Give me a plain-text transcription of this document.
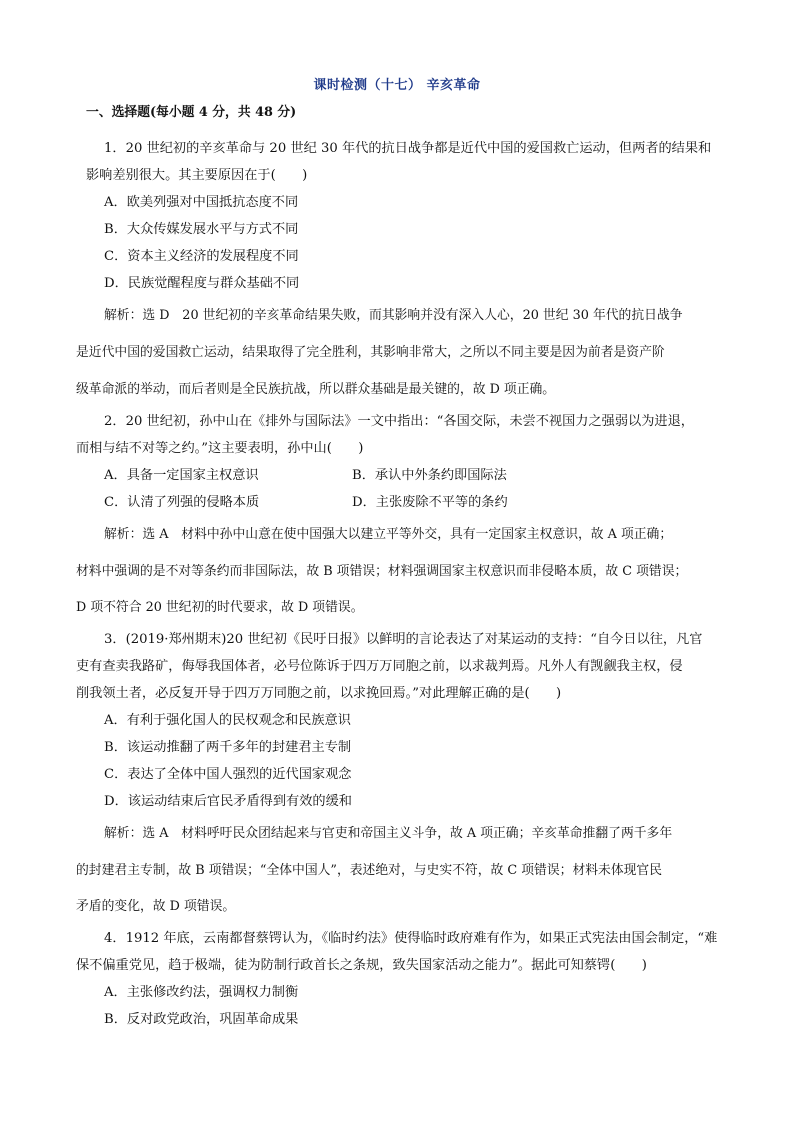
课时检测（十七） 辛亥革命
一、选择题(每小题 4 分，共 48 分)
1．20 世纪初的辛亥革命与 20 世纪 30 年代的抗日战争都是近代中国的爱国救亡运动，但两者的结果和
影响差别很大。其主要原因在于(　　)
A．欧美列强对中国抵抗态度不同
B．大众传媒发展水平与方式不同
C．资本主义经济的发展程度不同
D．民族觉醒程度与群众基础不同
解析：选 D　20 世纪初的辛亥革命结果失败，而其影响并没有深入人心，20 世纪 30 年代的抗日战争
是近代中国的爱国救亡运动，结果取得了完全胜利，其影响非常大，之所以不同主要是因为前者是资产阶
级革命派的举动，而后者则是全民族抗战，所以群众基础是最关键的，故 D 项正确。
2．20 世纪初，孙中山在《排外与国际法》一文中指出：“各国交际，未尝不视国力之强弱以为进退，
而相与结不对等之约。”这主要表明，孙中山(　　)
A．具备一定国家主权意识	B．承认中外条约即国际法
C．认清了列强的侵略本质	D．主张废除不平等的条约
解析：选 A　材料中孙中山意在使中国强大以建立平等外交，具有一定国家主权意识，故 A 项正确；
材料中强调的是不对等条约而非国际法，故 B 项错误；材料强调国家主权意识而非侵略本质，故 C 项错误；
D 项不符合 20 世纪初的时代要求，故 D 项错误。
3．(2019·郑州期末)20 世纪初《民吁日报》以鲜明的言论表达了对某运动的支持：“自今日以往，凡官
吏有查卖我路矿，侮辱我国体者，必号位陈诉于四万万同胞之前，以求裁判焉。凡外人有觊觎我主权，侵
削我领土者，必反复开导于四万万同胞之前，以求挽回焉。”对此理解正确的是(　　)
A．有利于强化国人的民权观念和民族意识
B．该运动推翻了两千多年的封建君主专制
C．表达了全体中国人强烈的近代国家观念
D．该运动结束后官民矛盾得到有效的缓和
解析：选 A　材料呼吁民众团结起来与官吏和帝国主义斗争，故 A 项正确；辛亥革命推翻了两千多年
的封建君主专制，故 B 项错误；“全体中国人”，表述绝对，与史实不符，故 C 项错误；材料未体现官民
矛盾的变化，故 D 项错误。
4．1912 年底，云南都督蔡锷认为，《临时约法》使得临时政府难有作为，如果正式宪法由国会制定，“难
保不偏重党见，趋于极端，徒为防制行政首长之条规，致失国家活动之能力”。据此可知蔡锷(　　)
A．主张修改约法，强调权力制衡
B．反对政党政治，巩固革命成果
